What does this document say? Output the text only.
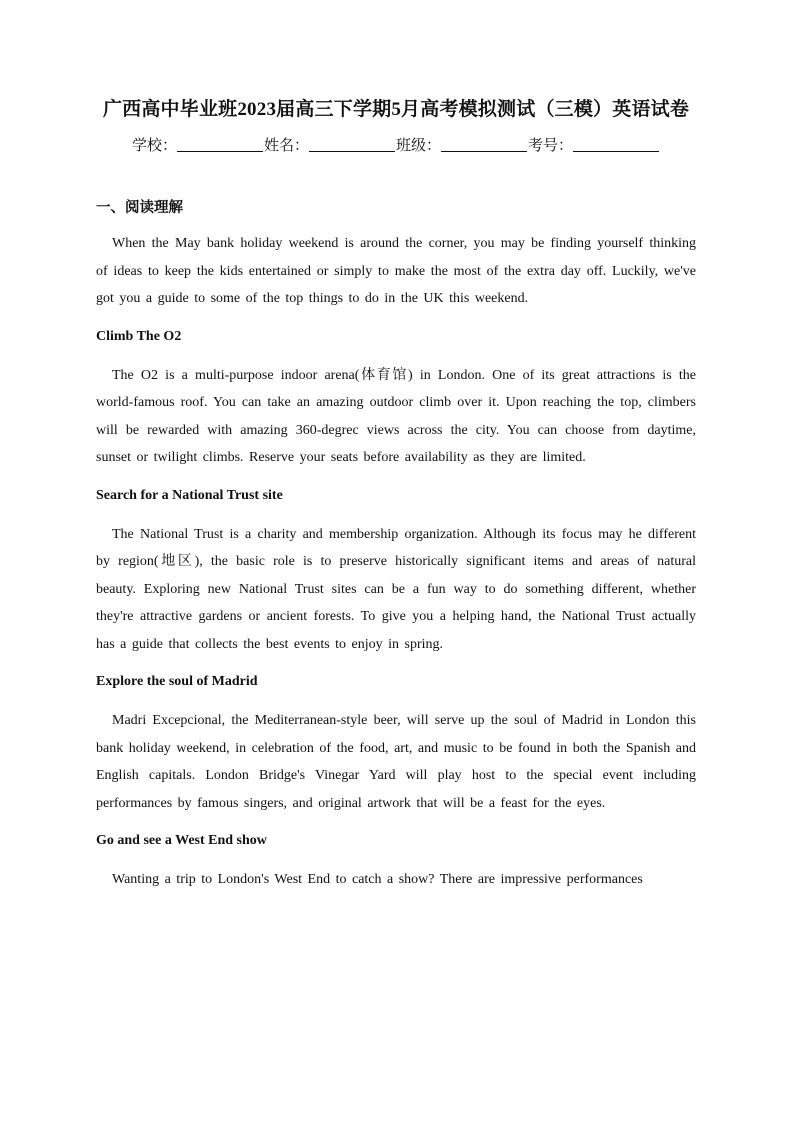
广西高中毕业班2023届高三下学期5月高考模拟测试（三模）英语试卷
学校：	姓名：	班级：	考号：
一、阅读理解

When the May bank holiday weekend is around the corner, you may be finding yourself thinking of ideas to keep the kids entertained or simply to make the most of the extra day off. Luckily, we've got you a guide to some of the top things to do in the UK this weekend.

Climb The O2

The O2 is a multi-purpose indoor arena(体育馆) in London. One of its great attractions is the world-famous roof. You can take an amazing outdoor climb over it. Upon reaching the top, climbers will be rewarded with amazing 360-degrec views across the city. You can choose from daytime, sunset or twilight climbs. Reserve your seats before availability as they are limited.

Search for a National Trust site

The National Trust is a charity and membership organization. Although its focus may he different by region(地区), the basic role is to preserve historically significant items and areas of natural beauty. Exploring new National Trust sites can be a fun way to do something different, whether they're attractive gardens or ancient forests. To give you a helping hand, the National Trust actually has a guide that collects the best events to enjoy in spring.

Explore the soul of Madrid

Madri Excepcional, the Mediterranean-style beer, will serve up the soul of Madrid in London this bank holiday weekend, in celebration of the food, art, and music to be found in both the Spanish and English capitals. London Bridge's Vinegar Yard will play host to the special event including performances by famous singers, and original artwork that will be a feast for the eyes.

Go and see a West End show

Wanting a trip to London's West End to catch a show? There are impressive performances
